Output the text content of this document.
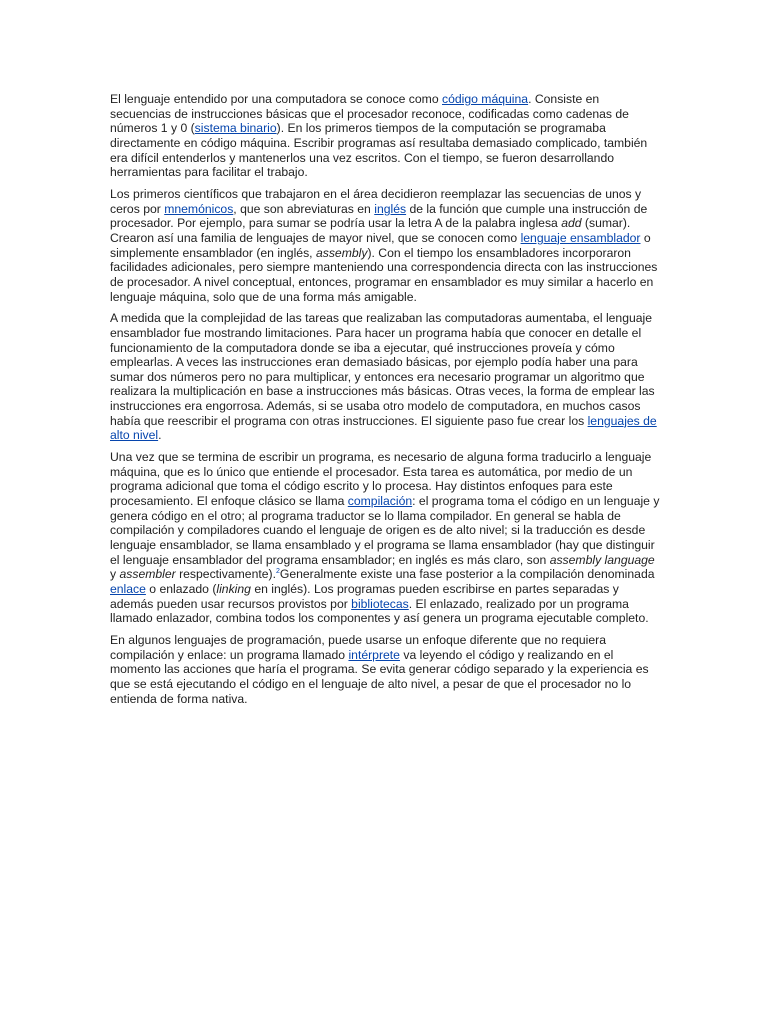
El lenguaje entendido por una computadora se conoce como código máquina. Consiste en secuencias de instrucciones básicas que el procesador reconoce, codificadas como cadenas de números 1 y 0 (sistema binario). En los primeros tiempos de la computación se programaba directamente en código máquina. Escribir programas así resultaba demasiado complicado, también era difícil entenderlos y mantenerlos una vez escritos. Con el tiempo, se fueron desarrollando herramientas para facilitar el trabajo.

Los primeros científicos que trabajaron en el área decidieron reemplazar las secuencias de unos y ceros por mnemónicos, que son abreviaturas en inglés de la función que cumple una instrucción de procesador. Por ejemplo, para sumar se podría usar la letra A de la palabra inglesa add (sumar). Crearon así una familia de lenguajes de mayor nivel, que se conocen como lenguaje ensamblador o simplemente ensamblador (en inglés, assembly). Con el tiempo los ensambladores incorporaron facilidades adicionales, pero siempre manteniendo una correspondencia directa con las instrucciones de procesador. A nivel conceptual, entonces, programar en ensamblador es muy similar a hacerlo en lenguaje máquina, solo que de una forma más amigable.

A medida que la complejidad de las tareas que realizaban las computadoras aumentaba, el lenguaje ensamblador fue mostrando limitaciones. Para hacer un programa había que conocer en detalle el funcionamiento de la computadora donde se iba a ejecutar, qué instrucciones proveía y cómo emplearlas. A veces las instrucciones eran demasiado básicas, por ejemplo podía haber una para sumar dos números pero no para multiplicar, y entonces era necesario programar un algoritmo que realizara la multiplicación en base a instrucciones más básicas. Otras veces, la forma de emplear las instrucciones era engorrosa. Además, si se usaba otro modelo de computadora, en muchos casos había que reescribir el programa con otras instrucciones. El siguiente paso fue crear los lenguajes de alto nivel.

Una vez que se termina de escribir un programa, es necesario de alguna forma traducirlo a lenguaje máquina, que es lo único que entiende el procesador. Esta tarea es automática, por medio de un programa adicional que toma el código escrito y lo procesa. Hay distintos enfoques para este procesamiento. El enfoque clásico se llama compilación: el programa toma el código en un lenguaje y genera código en el otro; al programa traductor se lo llama compilador. En general se habla de compilación y compiladores cuando el lenguaje de origen es de alto nivel; si la traducción es desde lenguaje ensamblador, se llama ensamblado y el programa se llama ensamblador (hay que distinguir el lenguaje ensamblador del programa ensamblador; en inglés es más claro, son assembly language y assembler respectivamente).$^2$Generalmente existe una fase posterior a la compilación denominada enlace o enlazado (linking en inglés). Los programas pueden escribirse en partes separadas y además pueden usar recursos provistos por bibliotecas. El enlazado, realizado por un programa llamado enlazador, combina todos los componentes y así genera un programa ejecutable completo.

En algunos lenguajes de programación, puede usarse un enfoque diferente que no requiera compilación y enlace: un programa llamado intérprete va leyendo el código y realizando en el momento las acciones que haría el programa. Se evita generar código separado y la experiencia es que se está ejecutando el código en el lenguaje de alto nivel, a pesar de que el procesador no lo entienda de forma nativa.
